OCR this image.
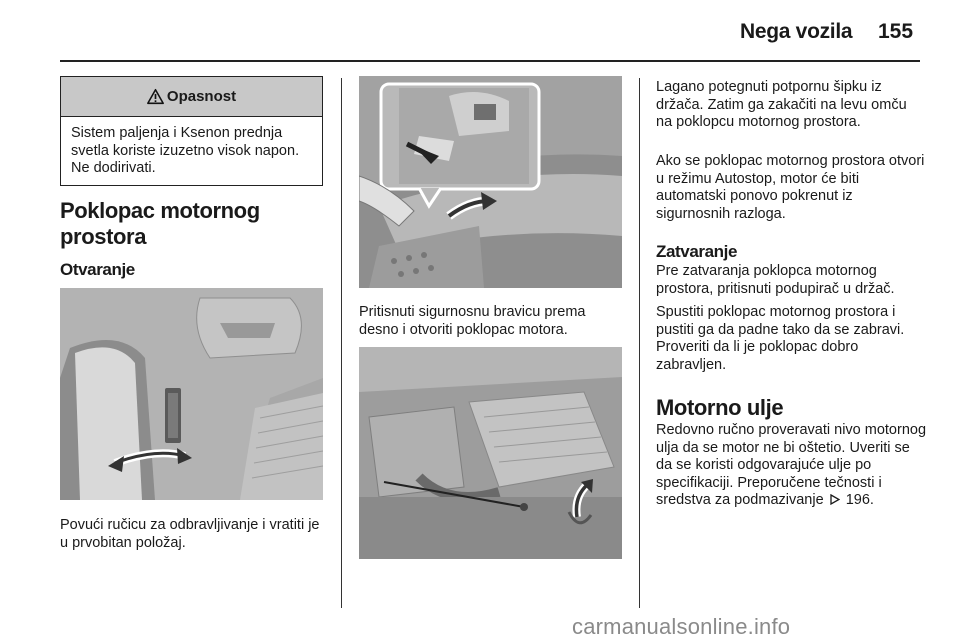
Nega vozila 155
Opasnost
Sistem paljenja i Ksenon prednja svetla koriste izuzetno visok napon. Ne dodirivati.
Poklopac motornog
prostora
Otvaranje
Povući ručicu za odbravljivanje i vratiti je u prvobitan položaj.
Pritisnuti sigurnosnu bravicu prema desno i otvoriti poklopac motora.
Lagano potegnuti potpornu šipku iz držača. Zatim ga zakačiti na levu omču na poklopcu motornog prostora.
Ako se poklopac motornog prostora otvori u režimu Autostop, motor će biti automatski ponovo pokrenut iz sigurnosnih razloga.
Zatvaranje
Pre zatvaranja poklopca motornog prostora, pritisnuti podupirač u držač.
Spustiti poklopac motornog prostora i pustiti ga da padne tako da se zabravi. Proveriti da li je poklopac dobro zabravljen.
Motorno ulje
Redovno ručno proveravati nivo motornog ulja da se motor ne bi oštetio. Uveriti se da se koristi odgovarajuće ulje po specifikaciji. Preporučene tečnosti i sredstva za podmazivanje 196.
carmanualsonline.info
